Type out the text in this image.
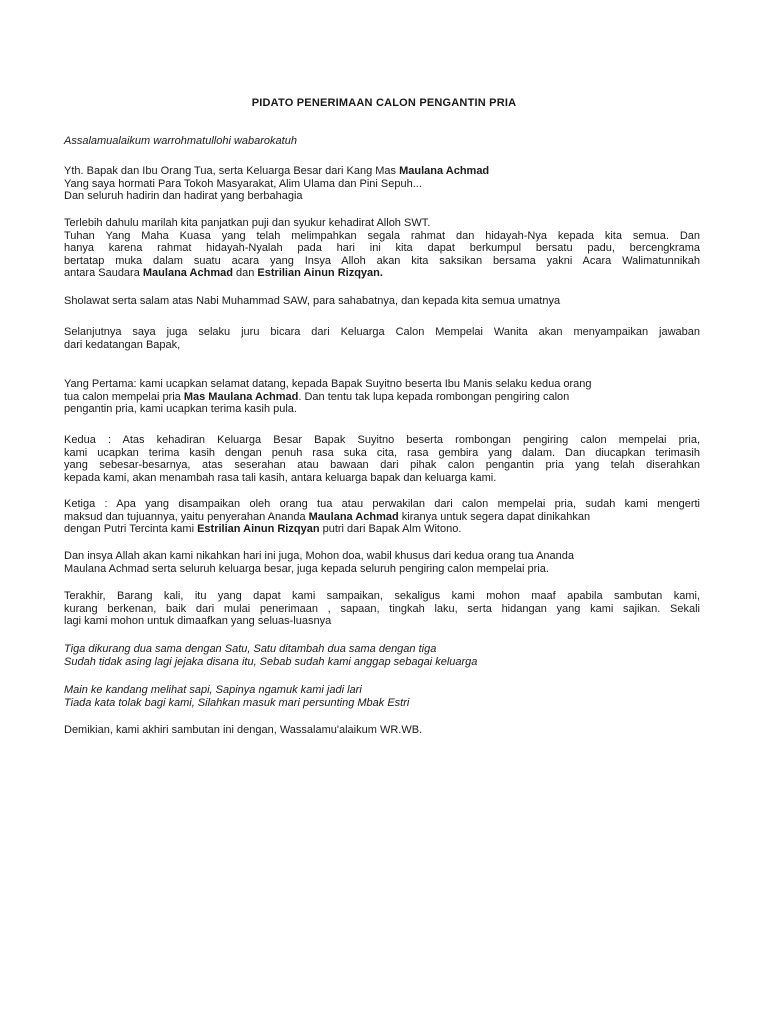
PIDATO PENERIMAAN CALON PENGANTIN PRIA
Assalamualaikum warrohmatullohi wabarokatuh
Yth. Bapak dan Ibu Orang Tua, serta Keluarga Besar dari Kang Mas Maulana Achmad
Yang saya hormati Para Tokoh Masyarakat, Alim Ulama dan Pini Sepuh...
Dan seluruh hadirin dan hadirat yang berbahagia
Terlebih dahulu marilah kita panjatkan puji dan syukur kehadirat Alloh SWT.
Tuhan Yang Maha Kuasa yang telah melimpahkan segala rahmat dan hidayah-Nya kepada kita semua. Dan
hanya karena rahmat hidayah-Nyalah pada hari ini kita dapat berkumpul bersatu padu, bercengkrama
bertatap muka dalam suatu acara yang Insya Alloh akan kita saksikan bersama yakni Acara Walimatunnikah
antara Saudara Maulana Achmad dan Estrilian Ainun Rizqyan.
Sholawat serta salam atas Nabi Muhammad SAW, para sahabatnya, dan kepada kita semua umatnya
Selanjutnya saya juga selaku juru bicara dari Keluarga Calon Mempelai Wanita akan menyampaikan jawaban
dari kedatangan Bapak,
Yang Pertama: kami ucapkan selamat datang, kepada Bapak Suyitno beserta Ibu Manis selaku kedua orang
tua calon mempelai pria Mas Maulana Achmad. Dan tentu tak lupa kepada rombongan pengiring calon
pengantin pria, kami ucapkan terima kasih pula.
Kedua : Atas kehadiran Keluarga Besar Bapak Suyitno beserta rombongan pengiring calon mempelai pria,
kami ucapkan terima kasih dengan penuh rasa suka cita, rasa gembira yang dalam. Dan diucapkan terimasih
yang sebesar-besarnya, atas seserahan atau bawaan dari pihak calon pengantin pria yang telah diserahkan
kepada kami, akan menambah rasa tali kasih, antara keluarga bapak dan keluarga kami.
Ketiga : Apa yang disampaikan oleh orang tua atau perwakilan dari calon mempelai pria, sudah kami mengerti
maksud dan tujuannya, yaitu penyerahan Ananda Maulana Achmad kiranya untuk segera dapat dinikahkan
dengan Putri Tercinta kami Estrilian Ainun Rizqyan putri dari Bapak Alm Witono.
Dan insya Allah akan kami nikahkan hari ini juga, Mohon doa, wabil khusus dari kedua orang tua Ananda
Maulana Achmad serta seluruh keluarga besar, juga kepada seluruh pengiring calon mempelai pria.
Terakhir, Barang kali, itu yang dapat kami sampaikan, sekaligus kami mohon maaf apabila sambutan kami,
kurang berkenan, baik dari mulai penerimaan , sapaan, tingkah laku, serta hidangan yang kami sajikan. Sekali
lagi kami mohon untuk dimaafkan yang seluas-luasnya
Tiga dikurang dua sama dengan Satu, Satu ditambah dua sama dengan tiga
Sudah tidak asing lagi jejaka disana itu, Sebab sudah kami anggap sebagai keluarga
Main ke kandang melihat sapi, Sapinya ngamuk kami jadi lari
Tiada kata tolak bagi kami, Silahkan masuk mari persunting Mbak Estri
Demikian, kami akhiri sambutan ini dengan, Wassalamu'alaikum WR.WB.
